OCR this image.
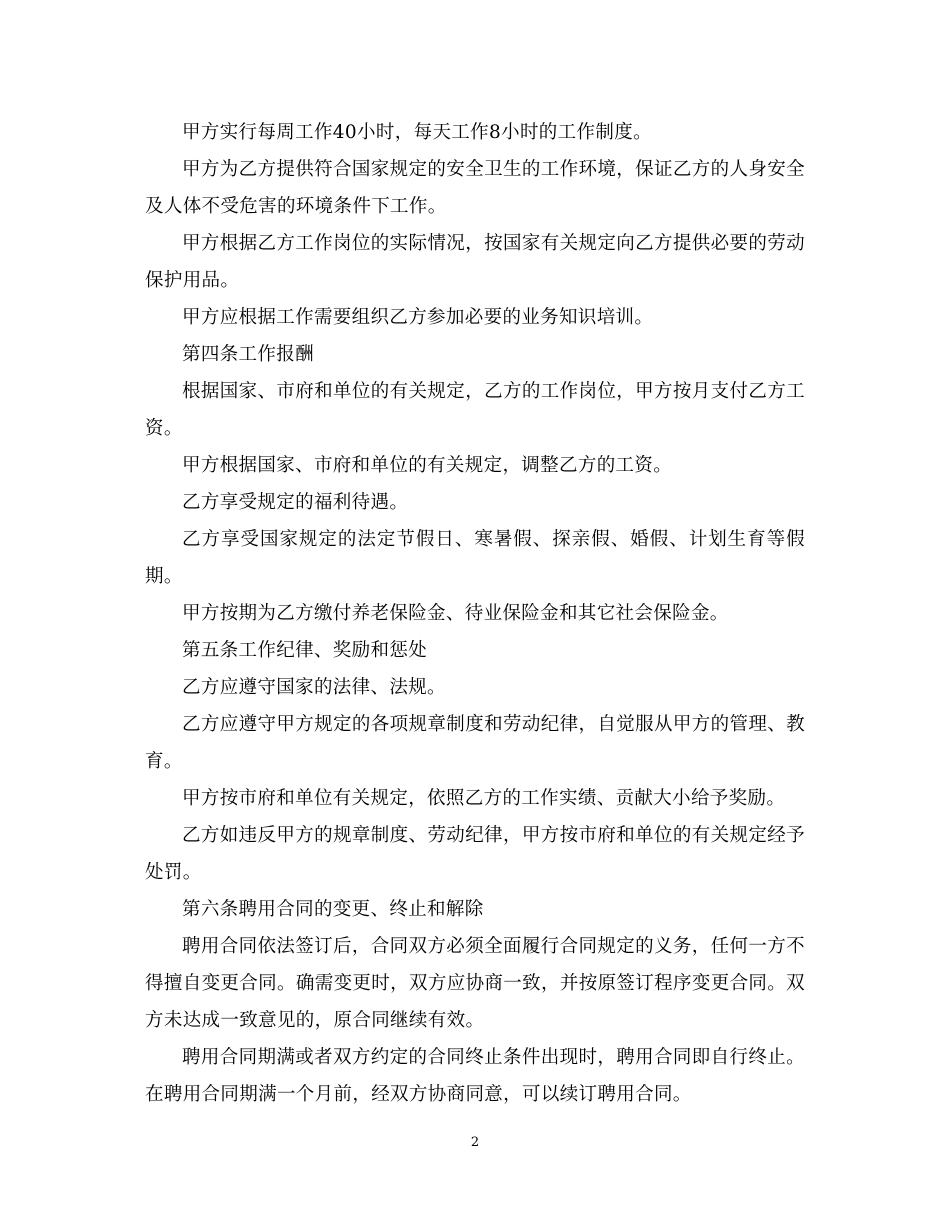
甲方实行每周工作40小时，每天工作8小时的工作制度。

甲方为乙方提供符合国家规定的安全卫生的工作环境，保证乙方的人身安全及人体不受危害的环境条件下工作。

甲方根据乙方工作岗位的实际情况，按国家有关规定向乙方提供必要的劳动保护用品。

甲方应根据工作需要组织乙方参加必要的业务知识培训。

第四条工作报酬

根据国家、市府和单位的有关规定，乙方的工作岗位，甲方按月支付乙方工资。

甲方根据国家、市府和单位的有关规定，调整乙方的工资。

乙方享受规定的福利待遇。

乙方享受国家规定的法定节假日、寒暑假、探亲假、婚假、计划生育等假期。

甲方按期为乙方缴付养老保险金、待业保险金和其它社会保险金。

第五条工作纪律、奖励和惩处

乙方应遵守国家的法律、法规。

乙方应遵守甲方规定的各项规章制度和劳动纪律，自觉服从甲方的管理、教育。

甲方按市府和单位有关规定，依照乙方的工作实绩、贡献大小给予奖励。

乙方如违反甲方的规章制度、劳动纪律，甲方按市府和单位的有关规定经予处罚。

第六条聘用合同的变更、终止和解除

聘用合同依法签订后，合同双方必须全面履行合同规定的义务，任何一方不得擅自变更合同。确需变更时，双方应协商一致，并按原签订程序变更合同。双方未达成一致意见的，原合同继续有效。

聘用合同期满或者双方约定的合同终止条件出现时，聘用合同即自行终止。在聘用合同期满一个月前，经双方协商同意，可以续订聘用合同。

2
